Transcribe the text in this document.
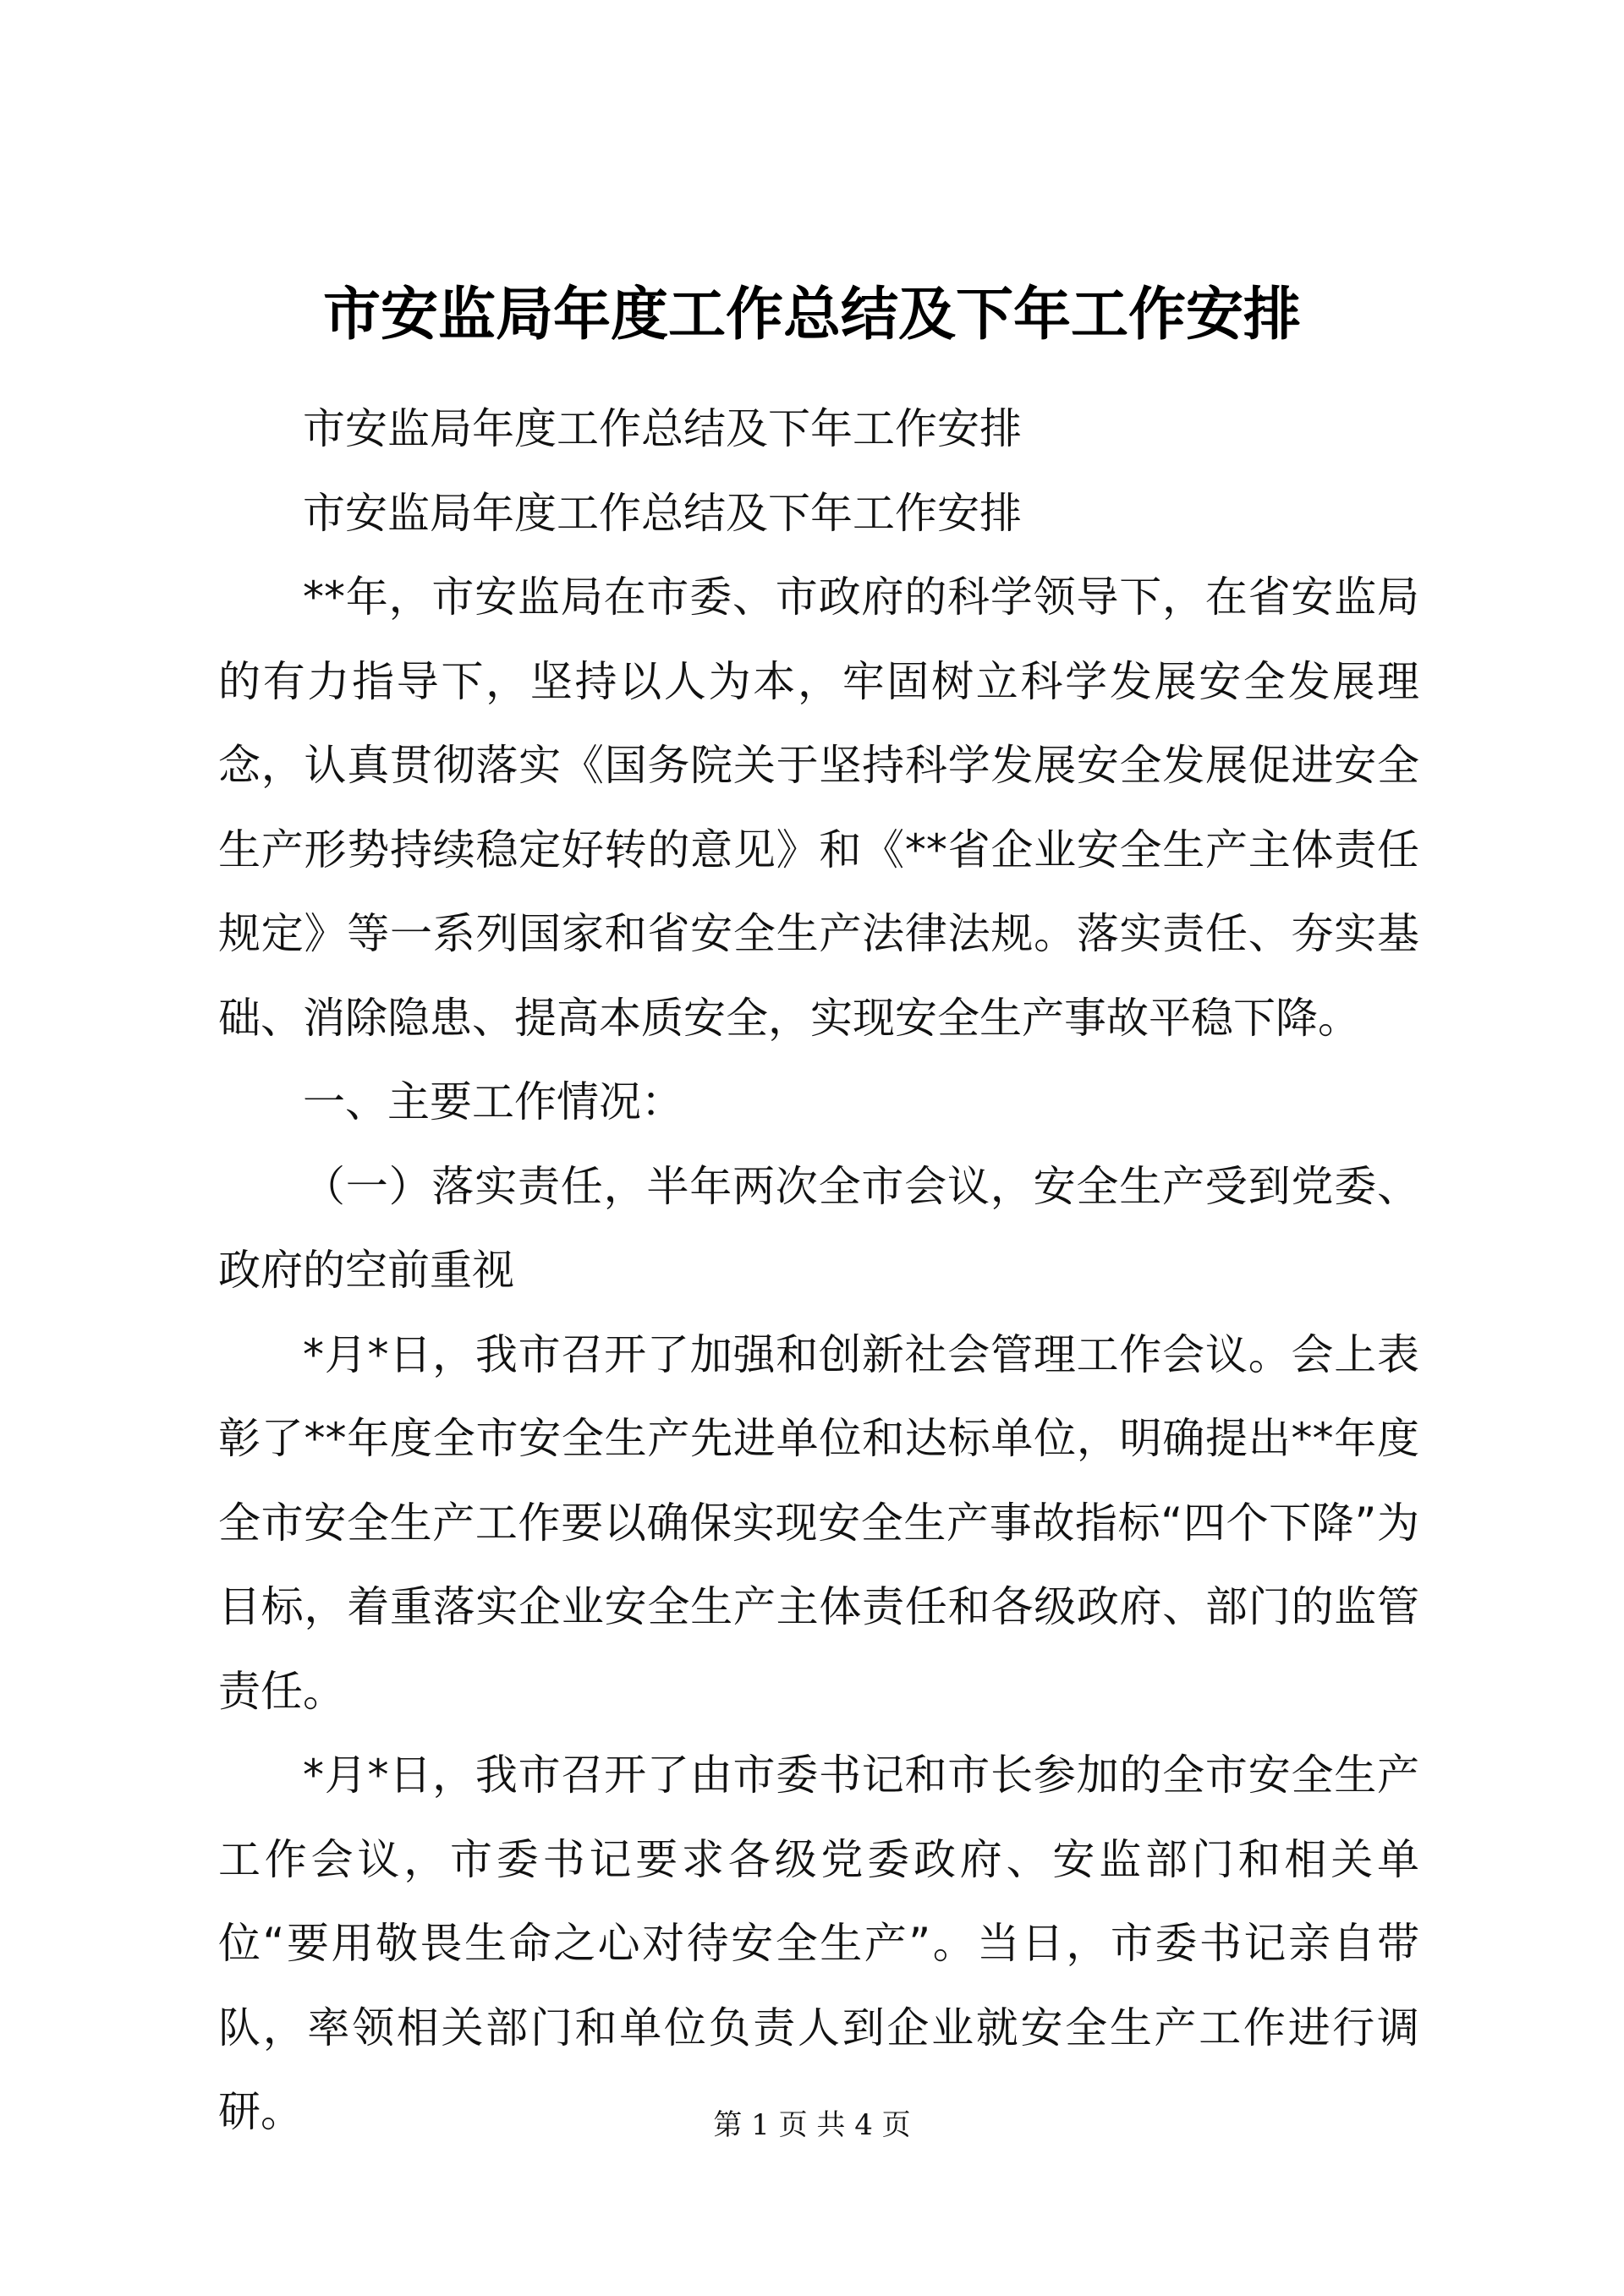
市安监局年度工作总结及下年工作安排

市安监局年度工作总结及下年工作安排

市安监局年度工作总结及下年工作安排

**年，市安监局在市委、市政府的科学领导下，在省安监局的有力指导下，坚持以人为本，牢固树立科学发展安全发展理念，认真贯彻落实《国务院关于坚持科学发展安全发展促进安全生产形势持续稳定好转的意见》和《**省企业安全生产主体责任规定》等一系列国家和省安全生产法律法规。落实责任、夯实基础、消除隐患、提高本质安全，实现安全生产事故平稳下降。

一、主要工作情况：

（一）落实责任，半年两次全市会议，安全生产受到党委、政府的空前重视

*月*日，我市召开了加强和创新社会管理工作会议。会上表彰了**年度全市安全生产先进单位和达标单位，明确提出**年度全市安全生产工作要以确保实现安全生产事故指标“四个下降”为目标，着重落实企业安全生产主体责任和各级政府、部门的监管责任。

*月*日，我市召开了由市委书记和市长参加的全市安全生产工作会议，市委书记要求各级党委政府、安监部门和相关单位“要用敬畏生命之心对待安全生产”。当日，市委书记亲自带队，率领相关部门和单位负责人到企业就安全生产工作进行调研。	第 1 页 共 4 页
